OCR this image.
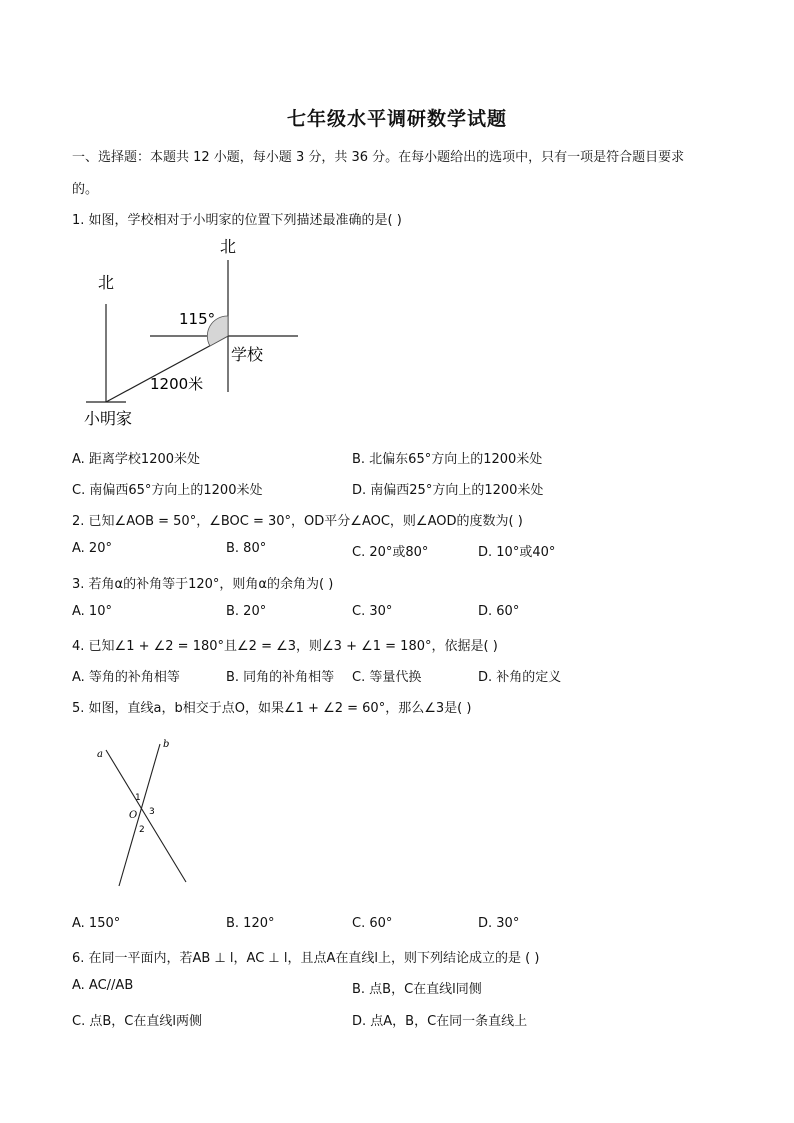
七年级水平调研数学试题
一、选择题：本题共 12 小题，每小题 3 分，共 36 分。在每小题给出的选项中，只有一项是符合题目要求
的。
1. 如图，学校相对于小明家的位置下列描述最准确的是( )
北
北
115°
学校
1200米
小明家
A. 距离学校1200米处	B. 北偏东65°方向上的1200米处
C. 南偏西65°方向上的1200米处	D. 南偏西25°方向上的1200米处
2. 已知∠AOB = 50°，∠BOC = 30°，OD平分∠AOC，则∠AOD的度数为( )
A. 20°	B. 80°	C. 20°或80°	D. 10°或40°
3. 若角α的补角等于120°，则角α的余角为( )
A. 10°	B. 20°	C. 30°	D. 60°
4. 已知∠1 + ∠2 = 180°且∠2 = ∠3，则∠3 + ∠1 = 180°，依据是( )
A. 等角的补角相等	B. 同角的补角相等 C. 等量代换	D. 补角的定义
5. 如图，直线a，b相交于点O，如果∠1 + ∠2 = 60°，那么∠3是( )
a
b
O
1
2
3
A. 150°	B. 120°	C. 60°	D. 30°
6. 在同一平面内，若AB ⊥ l，AC ⊥ l，且点A在直线l上，则下列结论成立的是 ( )
A. AC//AB	B. 点B，C在直线l同侧
C. 点B，C在直线l两侧	D. 点A，B，C在同一条直线上
